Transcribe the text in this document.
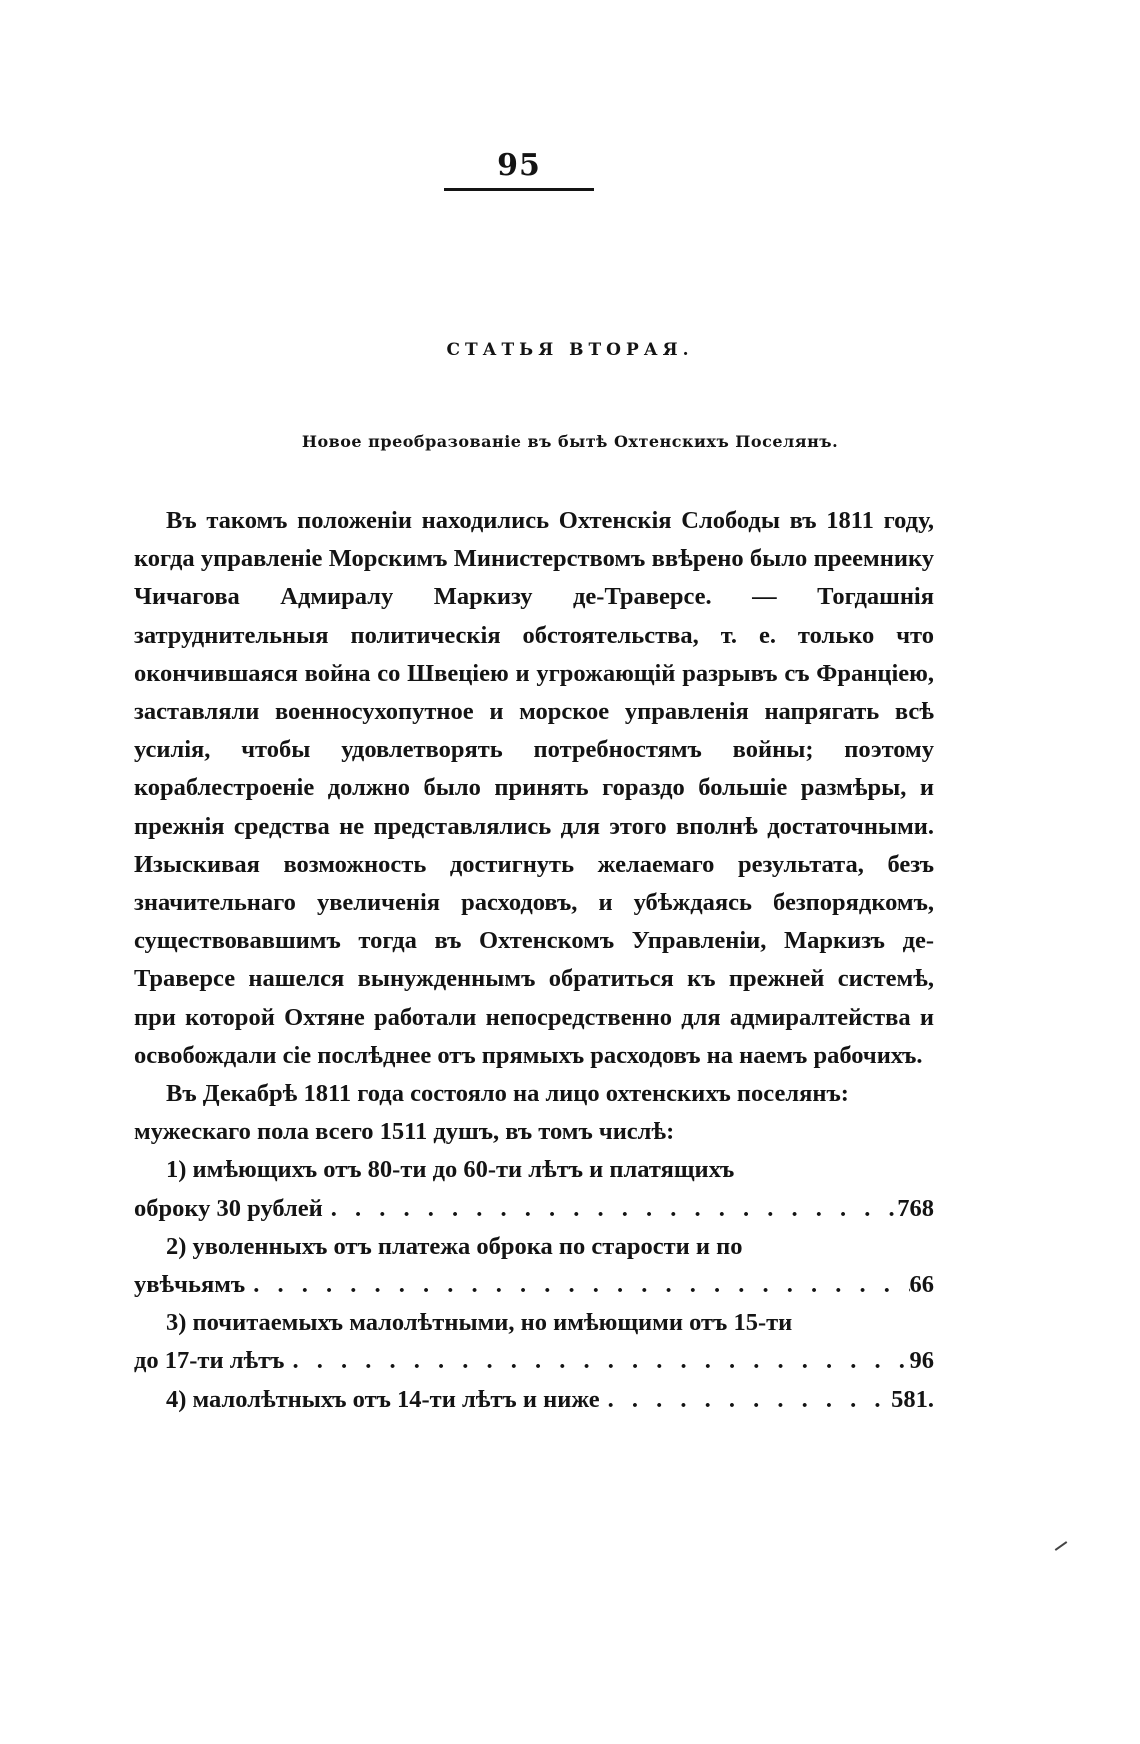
95
СТАТЬЯ ВТОРАЯ.
Новое преобразованіе въ бытѣ Охтенскихъ Поселянъ.

Въ такомъ положеніи находились Охтенскія Слободы въ 1811 году, когда управленіе Морскимъ Министерствомъ ввѣрено было преемнику Чичагова Адмиралу Маркизу де-Траверсе. — Тогдашнія затруднительныя политическія обстоятельства, т. е. только что окончившаяся война со Швеціею и угрожающій разрывъ съ Франціею, заставляли военносухопутное и морское управленія напрягать всѣ усилія, чтобы удовлетворять потребностямъ войны; поэтому кораблестроеніе должно было принять гораздо большіе размѣры, и прежнія средства не представлялись для этого вполнѣ достаточными. Изыскивая возможность достигнуть желаемаго результата, безъ значительнаго увеличенія расходовъ, и убѣждаясь безпорядкомъ, существовавшимъ тогда въ Охтенскомъ Управленіи, Маркизъ де-Траверсе нашелся вынужденнымъ обратиться къ прежней системѣ, при которой Охтяне работали непосредственно для адмиралтейства и освобождали сіе послѣднее отъ прямыхъ расходовъ на наемъ рабочихъ.

Въ Декабрѣ 1811 года состояло на лицо охтенскихъ поселянъ:

мужескаго пола всего 1511 душъ, въ томъ числѣ:

1) имѣющихъ отъ 80-ти до 60-ти лѣтъ и платящихъ

оброку 30 рублей . . .	768

2) уволенныхъ отъ платежа оброка по старости и по

увѣчьямъ . . .	66

3) почитаемыхъ малолѣтными, но имѣющими отъ 15-ти

до 17-ти лѣтъ . . .	96
4) малолѣтныхъ отъ 14-ти лѣтъ и ниже . . .	581.
